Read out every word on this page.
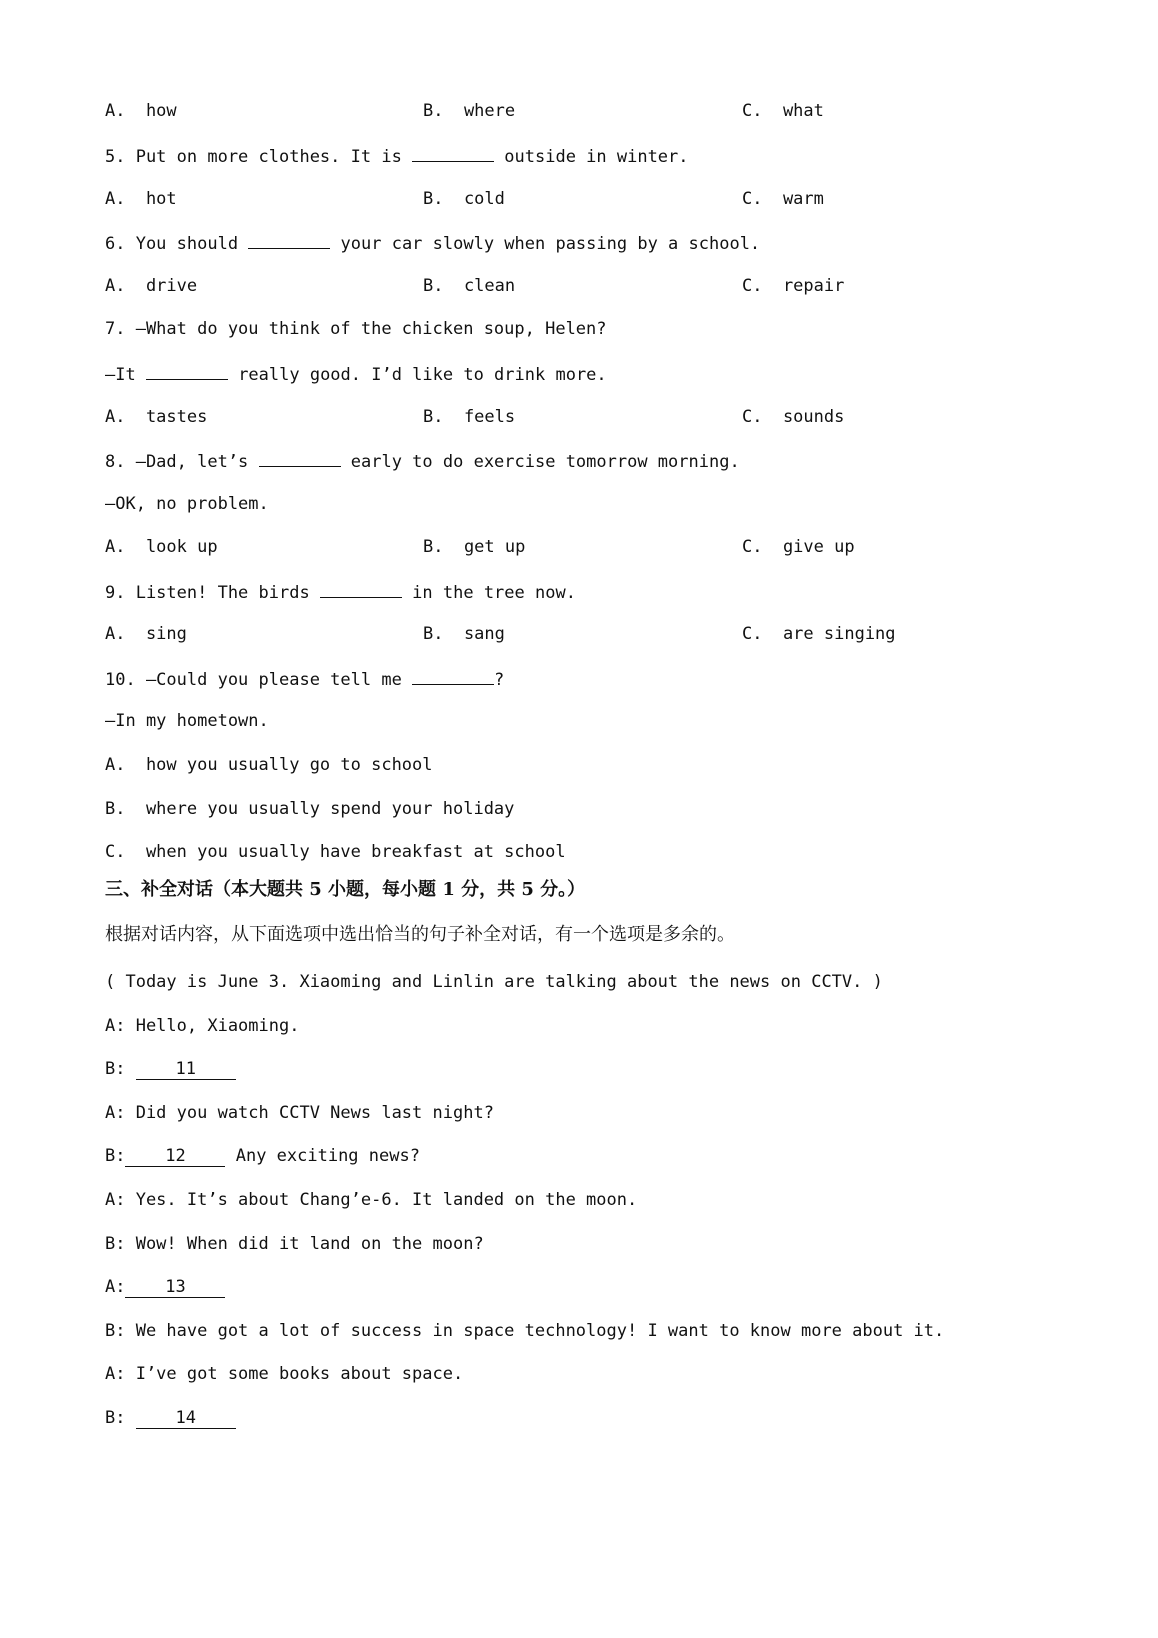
A.  how	B.  where	C.  what
5. Put on more clothes. It is	outside in winter.
A.  hot	B.  cold	C.  warm
6. You should	your car slowly when passing by a school.
A.  drive	B.  clean	C.  repair
7. —What do you think of the chicken soup, Helen?
—It	really good. I’d like to drink more.
A.  tastes	B.  feels	C.  sounds
8. —Dad, let’s	early to do exercise tomorrow morning.
—OK, no problem.
A.  look up	B.  get up	C.  give up
9. Listen! The birds	in the tree now.
A.  sing	B.  sang	C.  are singing
10. —Could you please tell me	?
—In my hometown.
A.  how you usually go to school
B.  where you usually spend your holiday
C.  when you usually have breakfast at school
三、补全对话（本大题共 5 小题，每小题 1 分，共 5 分。）
根据对话内容，从下面选项中选出恰当的句子补全对话，有一个选项是多余的。
( Today is June 3. Xiaoming and Linlin are talking about the news on CCTV. )
A: Hello, Xiaoming.
B: 11
A: Did you watch CCTV News last night?
B: 12 Any exciting news?
A: Yes. It’s about Chang’e-6. It landed on the moon.
B: Wow! When did it land on the moon?
A: 13
B: We have got a lot of success in space technology! I want to know more about it.
A: I’ve got some books about space.
B: 14
